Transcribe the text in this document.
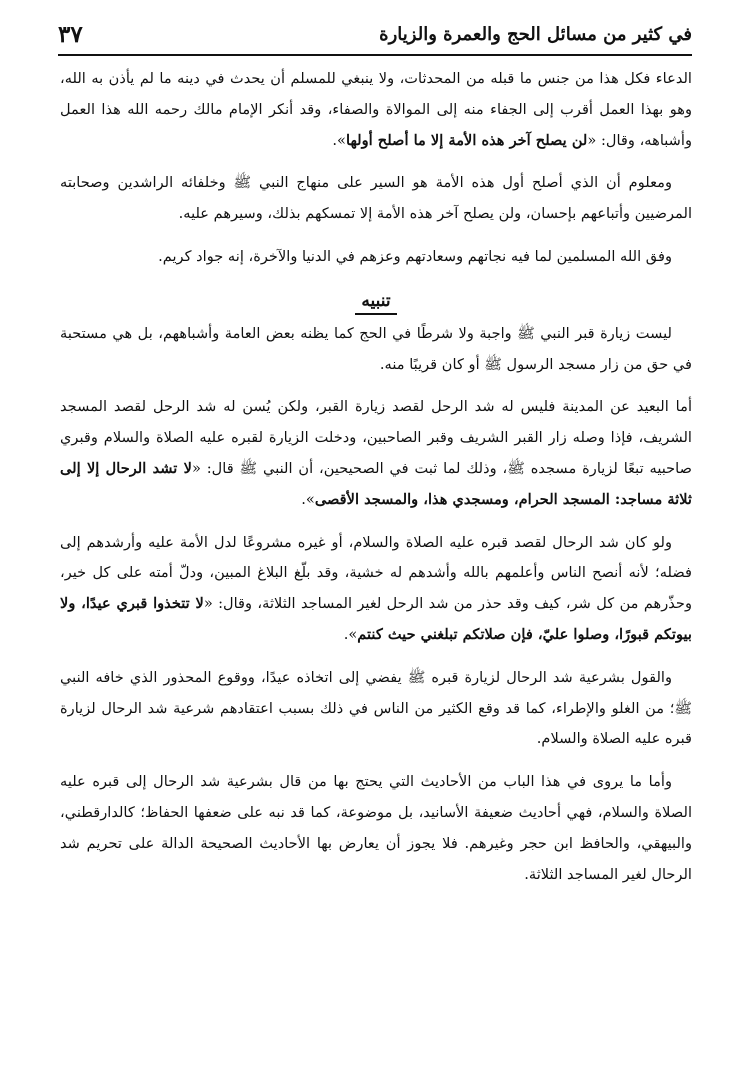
في كثير من مسائل الحج والعمرة والزيارة
٣٧

الدعاء فكل هذا من جنس ما قبله من المحدثات، ولا ينبغي للمسلم أن يحدث في دينه ما لم يأذن به الله، وهو بهذا العمل أقرب إلى الجفاء منه إلى الموالاة والصفاء، وقد أنكر الإمام مالك رحمه الله هذا العمل وأشباهه، وقال: «لن يصلح آخر هذه الأمة إلا ما أصلح أولها».

ومعلوم أن الذي أصلح أول هذه الأمة هو السير على منهاج النبي ﷺ وخلفائه الراشدين وصحابته المرضيين وأتباعهم بإحسان، ولن يصلح آخر هذه الأمة إلا تمسكهم بذلك، وسيرهم عليه.

وفق الله المسلمين لما فيه نجاتهم وسعادتهم وعزهم في الدنيا والآخرة، إنه جواد كريم.

تنبيه

ليست زيارة قبر النبي ﷺ واجبة ولا شرطًا في الحج كما يظنه بعض العامة وأشباههم، بل هي مستحبة في حق من زار مسجد الرسول ﷺ أو كان قريبًا منه.

أما البعيد عن المدينة فليس له شد الرحل لقصد زيارة القبر، ولكن يُسن له شد الرحل لقصد المسجد الشريف، فإذا وصله زار القبر الشريف وقبر الصاحبين، ودخلت الزيارة لقبره عليه الصلاة والسلام وقبري صاحبيه تبعًا لزيارة مسجده ﷺ، وذلك لما ثبت في الصحيحين، أن النبي ﷺ قال: «لا تشد الرحال إلا إلى ثلاثة مساجد: المسجد الحرام، ومسجدي هذا، والمسجد الأقصى».

ولو كان شد الرحال لقصد قبره عليه الصلاة والسلام، أو غيره مشروعًا لدل الأمة عليه وأرشدهم إلى فضله؛ لأنه أنصح الناس وأعلمهم بالله وأشدهم له خشية، وقد بلّغ البلاغ المبين، ودلّ أمته على كل خير، وحذّرهم من كل شر، كيف وقد حذر من شد الرحل لغير المساجد الثلاثة، وقال: «لا تتخذوا قبري عيدًا، ولا بيوتكم قبورًا، وصلوا عليّ، فإن صلاتكم تبلغني حيث كنتم».

والقول بشرعية شد الرحال لزيارة قبره ﷺ يفضي إلى اتخاذه عيدًا، ووقوع المحذور الذي خافه النبي ﷺ؛ من الغلو والإطراء، كما قد وقع الكثير من الناس في ذلك بسبب اعتقادهم شرعية شد الرحال لزيارة قبره عليه الصلاة والسلام.

وأما ما يروى في هذا الباب من الأحاديث التي يحتج بها من قال بشرعية شد الرحال إلى قبره عليه الصلاة والسلام، فهي أحاديث ضعيفة الأسانيد، بل موضوعة، كما قد نبه على ضعفها الحفاظ؛ كالدارقطني، والبيهقي، والحافظ ابن حجر وغيرهم. فلا يجوز أن يعارض بها الأحاديث الصحيحة الدالة على تحريم شد الرحال لغير المساجد الثلاثة.
